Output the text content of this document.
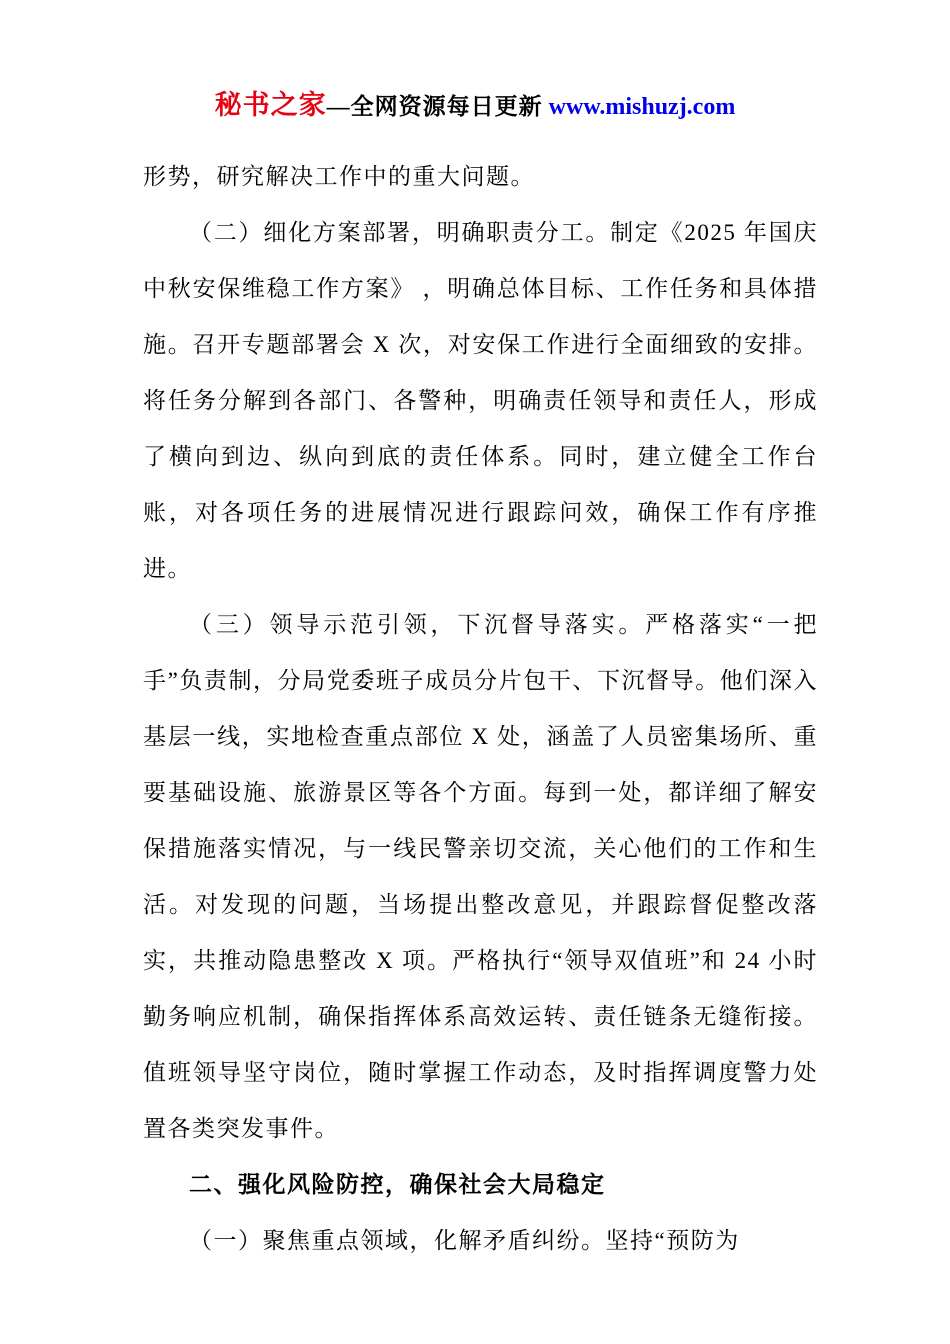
秘书之家—全网资源每日更新 www.mishuzj.com

形势，研究解决工作中的重大问题。

（二）细化方案部署，明确职责分工。制定《2025 年国庆中秋安保维稳工作方案》 ，明确总体目标、工作任务和具体措施。召开专题部署会 X 次，对安保工作进行全面细致的安排。将任务分解到各部门、各警种，明确责任领导和责任人，形成了横向到边、纵向到底的责任体系。同时，建立健全工作台账，对各项任务的进展情况进行跟踪问效，确保工作有序推进。

（三）领导示范引领，下沉督导落实。严格落实“一把手”负责制，分局党委班子成员分片包干、下沉督导。他们深入基层一线，实地检查重点部位 X 处，涵盖了人员密集场所、重要基础设施、旅游景区等各个方面。每到一处，都详细了解安保措施落实情况，与一线民警亲切交流，关心他们的工作和生活。对发现的问题，当场提出整改意见，并跟踪督促整改落实，共推动隐患整改 X 项。严格执行“领导双值班”和 24 小时勤务响应机制，确保指挥体系高效运转、责任链条无缝衔接。值班领导坚守岗位，随时掌握工作动态，及时指挥调度警力处置各类突发事件。

二、强化风险防控，确保社会大局稳定

（一）聚焦重点领域，化解矛盾纠纷。坚持“预防为
